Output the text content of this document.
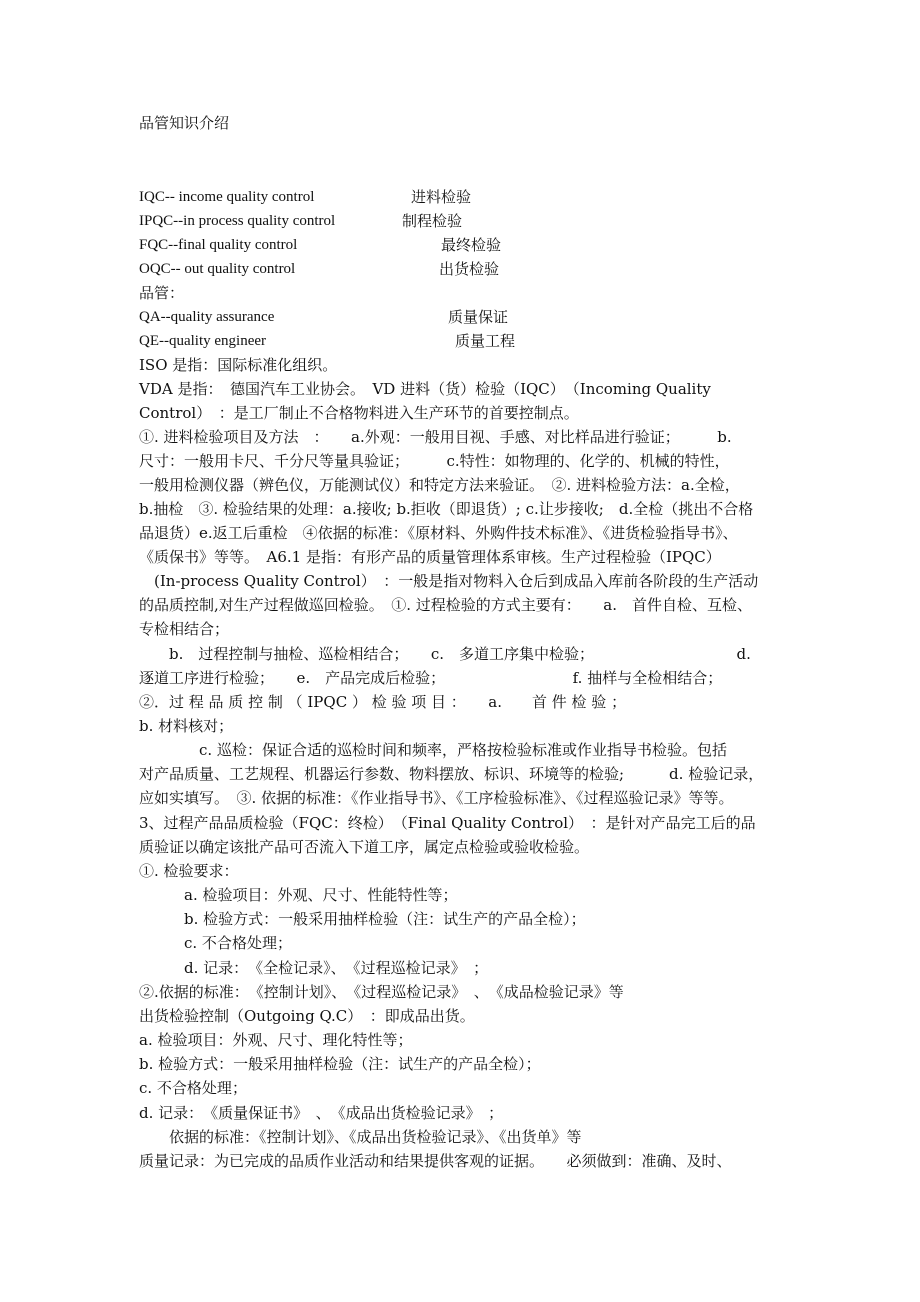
品管知识介绍
IQC-- income quality control	进料检验
IPQC--in process quality control	制程检验
FQC--final quality control	最终检验
OQC-- out quality control	出货检验
品管：
QA--quality assurance	质量保证
QE--quality engineer	质量工程
ISO 是指：国际标准化组织。
VDA 是指：　德国汽车工业协会。　VD 进料（货）检验（IQC）　（Incoming Quality
Control）　：是工厂制止不合格物料进入生产环节的首要控制点。
①. 进料检验项目及方法　：　　a.外观：一般用目视、手感、对比样品进行验证；　　　b.
尺寸：一般用卡尺、千分尺等量具验证；　　　c.特性：如物理的、化学的、机械的特性，
一般用检测仪器（辨色仪，万能测试仪）和特定方法来验证。　②. 进料检验方法：a.全检，
b.抽检　③. 检验结果的处理：a.接收; b.拒收（即退货）; c.让步接收;　d.全检（挑出不合格
品退货）e.返工后重检　④依据的标准：《原材料、外购件技术标准》、《进货检验指导书》、
《质保书》等等。　A6.1 是指：有形产品的质量管理体系审核。生产过程检验（IPQC）
　(In-process Quality Control）　：一般是指对物料入仓后到成品入库前各阶段的生产活动
的品质控制,对生产过程做巡回检验。　①. 过程检验的方式主要有：　　a.　首件自检、互检、
专检相结合；
　　b.　过程控制与抽检、巡检相结合；　　c.　多道工序集中检验；　　　　　　　　　　d.
逐道工序进行检验；　　e.　产品完成后检验；　　　　　　　　　f. 抽样与全检相结合；
②．过 程 品 质 控 制 （ IPQC ） 检 验 项 目 ：　　a.　　首 件 检 验 ；
b. 材料核对；
　　　　c. 巡检：保证合适的巡检时间和频率，严格按检验标准或作业指导书检验。包括
对产品质量、工艺规程、机器运行参数、物料摆放、标识、环境等的检验;　　　d. 检验记录，
应如实填写。　③. 依据的标准：《作业指导书》、《工序检验标准》、《过程巡验记录》等等。
3、过程产品品质检验（FQC：终检）　（Final Quality Control）　：是针对产品完工后的品
质验证以确定该批产品可否流入下道工序，属定点检验或验收检验。
①. 检验要求：
　　　a. 检验项目：外观、尺寸、性能特性等；
　　　b. 检验方式：一般采用抽样检验（注：试生产的产品全检）；
　　　c. 不合格处理；
　　　d. 记录：　《全检记录》、　《过程巡检记录》　；
②.依据的标准：　《控制计划》、　《过程巡检记录》　、　《成品检验记录》等
出货检验控制（Outgoing Q.C）　：即成品出货。
a. 检验项目：外观、尺寸、理化特性等；
b. 检验方式：一般采用抽样检验（注：试生产的产品全检）；
c. 不合格处理；
d. 记录：　《质量保证书》　、　《成品出货检验记录》　；
　　依据的标准：《控制计划》、《成品出货检验记录》、《出货单》等
质量记录：为已完成的品质作业活动和结果提供客观的证据。　　必须做到：准确、及时、
